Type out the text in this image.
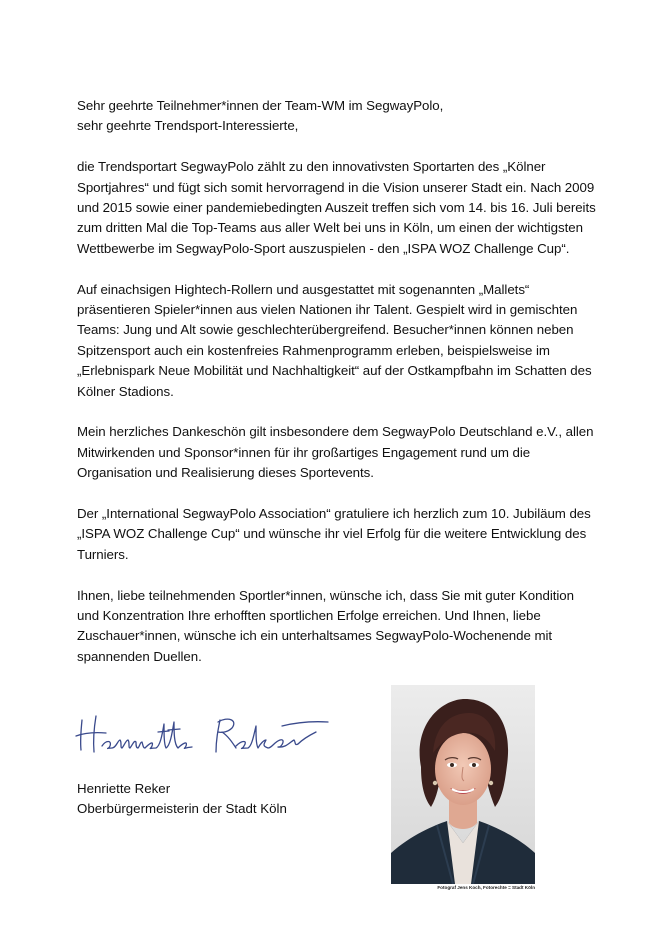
Sehr geehrte Teilnehmer*innen der Team-WM im SegwayPolo,
sehr geehrte Trendsport-Interessierte,

die Trendsportart SegwayPolo zählt zu den innovativsten Sportarten des „Kölner Sportjahres“ und fügt sich somit hervorragend in die Vision unserer Stadt ein. Nach 2009 und 2015 sowie einer pandemiebedingten Auszeit treffen sich vom 14. bis 16. Juli bereits zum dritten Mal die Top-Teams aus aller Welt bei uns in Köln, um einen der wichtigsten Wettbewerbe im SegwayPolo-Sport auszuspielen - den „ISPA WOZ Challenge Cup“.

Auf einachsigen Hightech-Rollern und ausgestattet mit sogenannten „Mallets“ präsentieren Spieler*innen aus vielen Nationen ihr Talent. Gespielt wird in gemischten Teams: Jung und Alt sowie geschlechterübergreifend. Besucher*innen können neben Spitzensport auch ein kostenfreies Rahmenprogramm erleben, beispielsweise im „Erlebnispark Neue Mobilität und Nachhaltigkeit“ auf der Ostkampfbahn im Schatten des Kölner Stadions.

Mein herzliches Dankeschön gilt insbesondere dem SegwayPolo Deutschland e.V., allen Mitwirkenden und Sponsor*innen für ihr großartiges Engagement rund um die Organisation und Realisierung dieses Sportevents.

Der „International SegwayPolo Association“ gratuliere ich herzlich zum 10. Jubiläum des „ISPA WOZ Challenge Cup“ und wünsche ihr viel Erfolg für die weitere Entwicklung des Turniers.

Ihnen, liebe teilnehmenden Sportler*innen, wünsche ich, dass Sie mit guter Kondition und Konzentration Ihre erhofften sportlichen Erfolge erreichen. Und Ihnen, liebe Zuschauer*innen, wünsche ich ein unterhaltsames SegwayPolo-Wochenende mit spannenden Duellen.

Henriette Reker
Oberbürgermeisterin der Stadt Köln
Fotograf Jens Koch, Fotorechte = Stadt Köln
